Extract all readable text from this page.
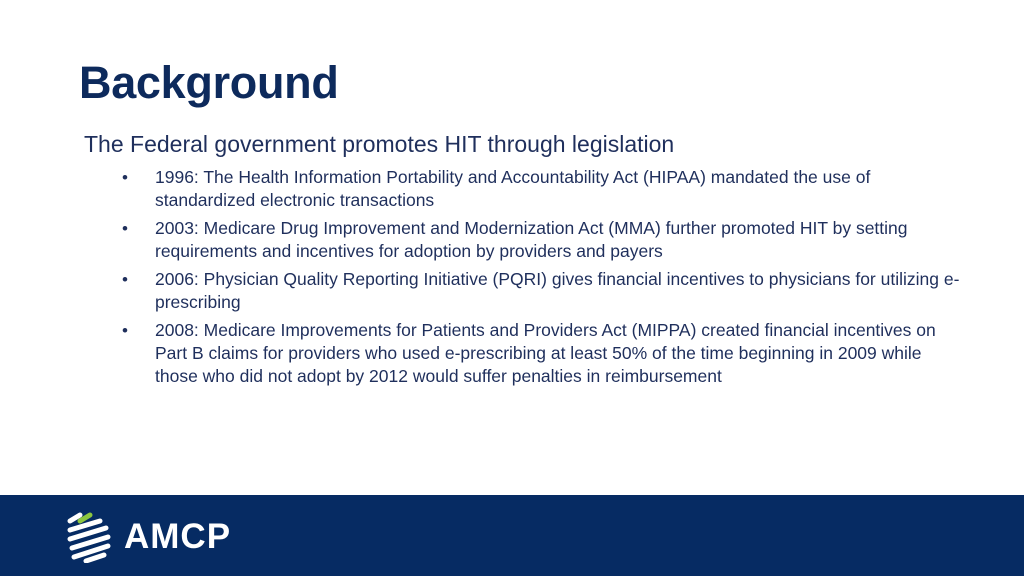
Background

The Federal government promotes HIT through legislation

• 1996: The Health Information Portability and Accountability Act (HIPAA) mandated the use of standardized electronic transactions
• 2003: Medicare Drug Improvement and Modernization Act (MMA) further promoted HIT by setting requirements and incentives for adoption by providers and payers
• 2006: Physician Quality Reporting Initiative (PQRI) gives financial incentives to physicians for utilizing e-prescribing
• 2008: Medicare Improvements for Patients and Providers Act (MIPPA) created financial incentives on Part B claims for providers who used e-prescribing at least 50% of the time beginning in 2009 while those who did not adopt by 2012 would suffer penalties in reimbursement
AMCP
